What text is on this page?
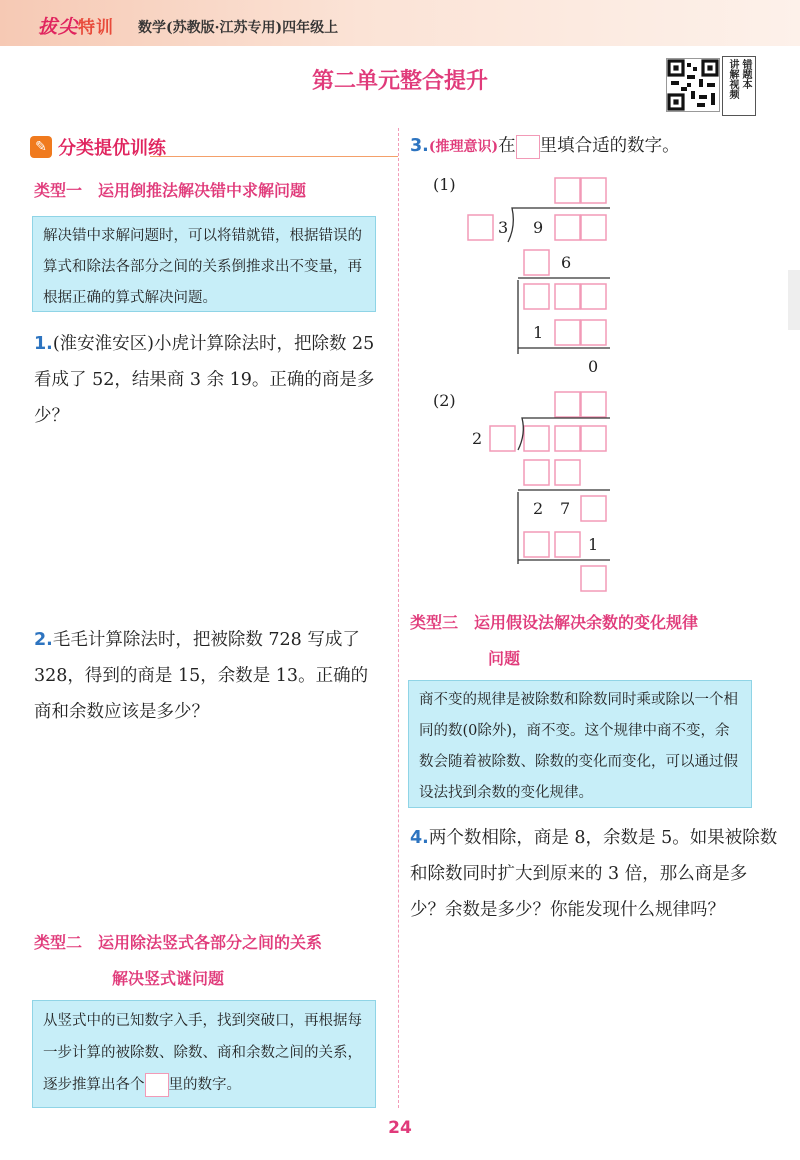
拔尖特训 数学(苏教版·江苏专用)四年级上
第二单元整合提升	错题本
讲解视频
✎ 分类提优训练
类型一　运用倒推法解决错中求解问题
解决错中求解问题时，可以将错就错，根据错误的算式和除法各部分之间的关系倒推求出不变量，再根据正确的算式解决问题。
1.(淮安淮安区)小虎计算除法时，把除数 25 看成了 52，结果商 3 余 19。正确的商是多少？
2.毛毛计算除法时，把被除数 728 写成了 328，得到的商是 15，余数是 13。正确的商和余数应该是多少？
类型二　运用除法竖式各部分之间的关系
解决竖式谜问题
从竖式中的已知数字入手，找到突破口，再根据每一步计算的被除数、除数、商和余数之间的关系，逐步推算出各个 里的数字。
3.(推理意识)在 里填合适的数字。
(1)
3 9
6
1
0
(2)
2
2 7
1
类型三　运用假设法解决余数的变化规律
问题
商不变的规律是被除数和除数同时乘或除以一个相同的数(0除外)，商不变。这个规律中商不变，余数会随着被除数、除数的变化而变化，可以通过假设法找到余数的变化规律。
4.两个数相除，商是 8，余数是 5。如果被除数和除数同时扩大到原来的 3 倍，那么商是多少？余数是多少？你能发现什么规律吗？
24
